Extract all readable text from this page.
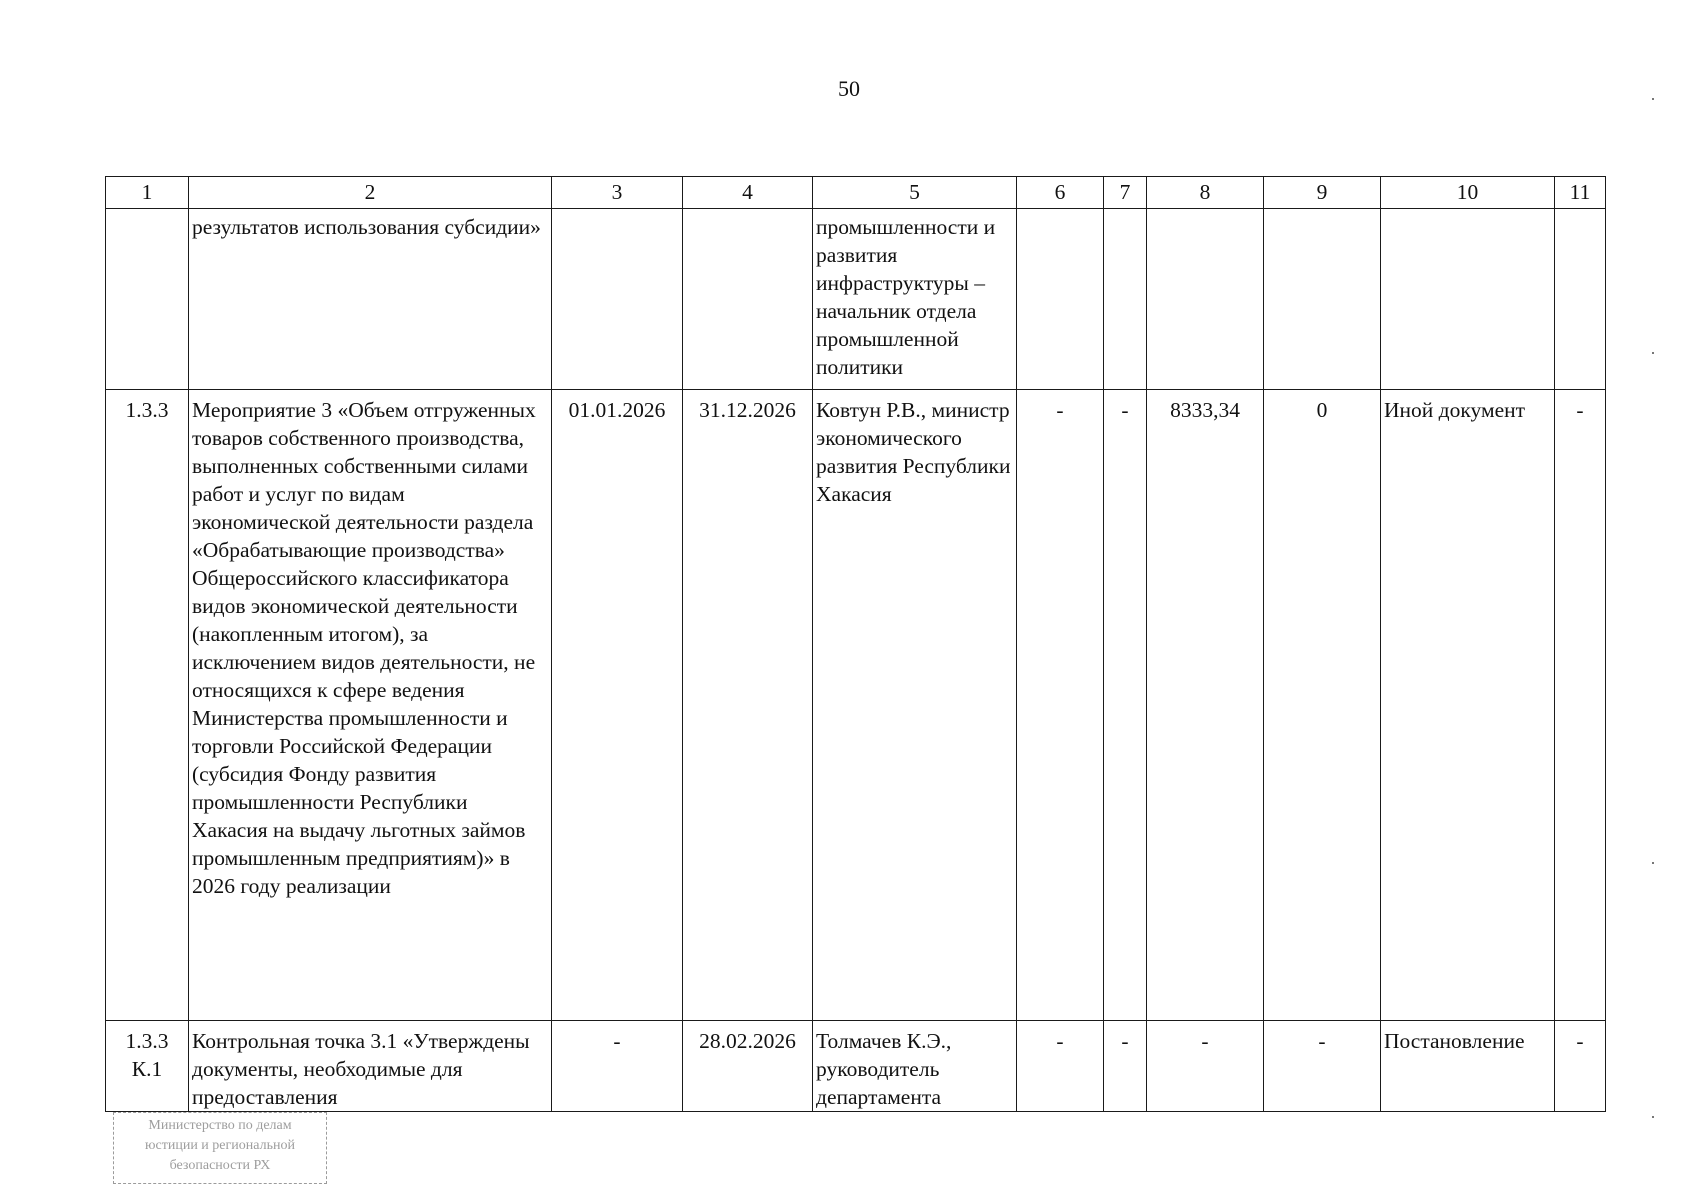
50
1	2	3	4	5	6	7	8	9	10	11
	результатов использования субсидии»			промышленности и развития инфраструктуры – начальник отдела промышленной политики						
1.3.3	Мероприятие 3 «Объем отгруженных товаров собственного производства, выполненных собственными силами работ и услуг по видам экономической деятельности раздела «Обрабатывающие производства» Общероссийского классификатора видов экономической деятельности (накопленным итогом), за исключением видов деятельности, не относящихся к сфере ведения Министерства промышленности и торговли Российской Федерации (субсидия Фонду развития промышленности Республики Хакасия на выдачу льготных займов промышленным предприятиям)» в 2026 году реализации	01.01.2026	31.12.2026	Ковтун Р.В., министр экономического развития Республики Хакасия	-	-	8333,34	0	Иной документ	-
1.3.3 К.1	Контрольная точка 3.1 «Утверждены документы, необходимые для предоставления	-	28.02.2026	Толмачев К.Э., руководитель департамента	-	-	-	-	Постановление	-
Министерство по делам
юстиции и региональной
безопасности РХ
